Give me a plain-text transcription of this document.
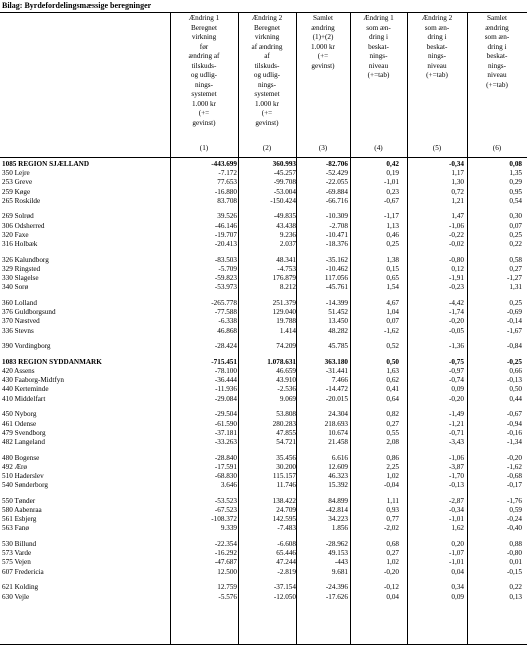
Bilag: Byrdefordelingsmæssige beregninger
Ændring 1
Beregnet
virkning
før
ændring af
tilskuds-
og udlig-
nings-
systemet
1.000 kr
(+=
gevinst)
Ændring 2
Beregnet
virkning
af ændring
af
tilskuds-
og udlig-
nings-
systemet
1.000 kr
(+=
gevinst)
Samlet
ændring
(1)+(2)
1.000 kr
(+=
gevinst)
Ændring 1
som æn-
dring i
beskat-
nings-
niveau
(+=tab)
Ændring 2
som æn-
dring i
beskat-
nings-
niveau
(+=tab)
Samlet
ændring
som æn-
dring i
beskat-
nings-
niveau
(+=tab)
(1)	(2)	(3)	(4)	(5)	(6)
1085 REGION SJÆLLAND	-443.699	360.993	-82.706	0,42	-0,34	0,08
350 Lejre	-7.172	-45.257	-52.429	0,19	1,17	1,35
253 Greve	77.653	-99.708	-22.055	-1,01	1,30	0,29
259 Køge	-16.880	-53.004	-69.884	0,23	0,72	0,95
265 Roskilde	83.708	-150.424	-66.716	-0,67	1,21	0,54
269 Solrød	39.526	-49.835	-10.309	-1,17	1,47	0,30
306 Odsherred	-46.146	43.438	-2.708	1,13	-1,06	0,07
320 Faxe	-19.707	9.236	-10.471	0,46	-0,22	0,25
316 Holbæk	-20.413	2.037	-18.376	0,25	-0,02	0,22
326 Kalundborg	-83.503	48.341	-35.162	1,38	-0,80	0,58
329 Ringsted	-5.709	-4.753	-10.462	0,15	0,12	0,27
330 Slagelse	-59.823	176.879	117.056	0,65	-1,91	-1,27
340 Sorø	-53.973	8.212	-45.761	1,54	-0,23	1,31
360 Lolland	-265.778	251.379	-14.399	4,67	-4,42	0,25
376 Guldborgsund	-77.588	129.040	51.452	1,04	-1,74	-0,69
370 Næstved	-6.338	19.788	13.450	0,07	-0,20	-0,14
336 Stevns	46.868	1.414	48.282	-1,62	-0,05	-1,67
390 Vordingborg	-28.424	74.209	45.785	0,52	-1,36	-0,84
1083 REGION SYDDANMARK	-715.451	1.078.631	363.180	0,50	-0,75	-0,25
420 Assens	-78.100	46.659	-31.441	1,63	-0,97	0,66
430 Faaborg-Midtfyn	-36.444	43.910	7.466	0,62	-0,74	-0,13
440 Kerteminde	-11.936	-2.536	-14.472	0,41	0,09	0,50
410 Middelfart	-29.084	9.069	-20.015	0,64	-0,20	0,44
450 Nyborg	-29.504	53.808	24.304	0,82	-1,49	-0,67
461 Odense	-61.590	280.283	218.693	0,27	-1,21	-0,94
479 Svendborg	-37.181	47.855	10.674	0,55	-0,71	-0,16
482 Langeland	-33.263	54.721	21.458	2,08	-3,43	-1,34
480 Bogense	-28.840	35.456	6.616	0,86	-1,06	-0,20
492 Ærø	-17.591	30.200	12.609	2,25	-3,87	-1,62
510 Haderslev	-68.830	115.157	46.323	1,02	-1,70	-0,68
540 Sønderborg	3.646	11.746	15.392	-0,04	-0,13	-0,17
550 Tønder	-53.523	138.422	84.899	1,11	-2,87	-1,76
580 Aabenraa	-67.523	24.709	-42.814	0,93	-0,34	0,59
561 Esbjerg	-108.372	142.595	34.223	0,77	-1,01	-0,24
563 Fanø	9.339	-7.483	1.856	-2,02	1,62	-0,40
530 Billund	-22.354	-6.608	-28.962	0,68	0,20	0,88
573 Varde	-16.292	65.446	49.153	0,27	-1,07	-0,80
575 Vejen	-47.687	47.244	-443	1,02	-1,01	0,01
607 Fredericia	12.500	-2.819	9.681	-0,20	0,04	-0,15
621 Kolding	12.759	-37.154	-24.396	-0,12	0,34	0,22
630 Vejle	-5.576	-12.050	-17.626	0,04	0,09	0,13
